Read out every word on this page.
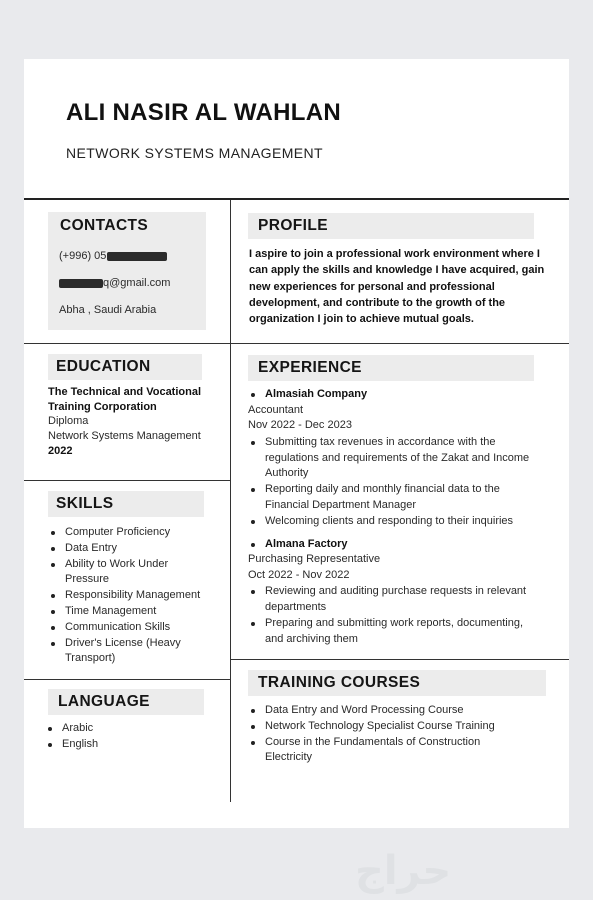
ALI NASIR AL WAHLAN
NETWORK SYSTEMS MANAGEMENT
CONTACTS
(+996) 05
q@gmail.com
Abha , Saudi Arabia
PROFILE
I aspire to join a professional work environment where I
can apply the skills and knowledge I have acquired, gain
new experiences for personal and professional
development, and contribute to the growth of the
organization I join to achieve mutual goals.
EDUCATION
The Technical and Vocational
Training Corporation
Diploma
Network Systems Management
2022
EXPERIENCE
Almasiah Company
Accountant
Nov 2022 - Dec 2023
Submitting tax revenues in accordance with the
regulations and requirements of the Zakat and Income
Authority
Reporting daily and monthly financial data to the
Financial Department Manager
Welcoming clients and responding to their inquiries
Almana Factory
Purchasing Representative
Oct 2022 - Nov 2022
Reviewing and auditing purchase requests in relevant
departments
Preparing and submitting work reports, documenting,
and archiving them
SKILLS
Computer Proficiency
Data Entry
Ability to Work Under
Pressure
Responsibility Management
Time Management
Communication Skills
Driver's License (Heavy
Transport)
TRAINING COURSES
Data Entry and Word Processing Course
Network Technology Specialist Course Training
Course in the Fundamentals of Construction
Electricity
LANGUAGE
Arabic
English
حراج
